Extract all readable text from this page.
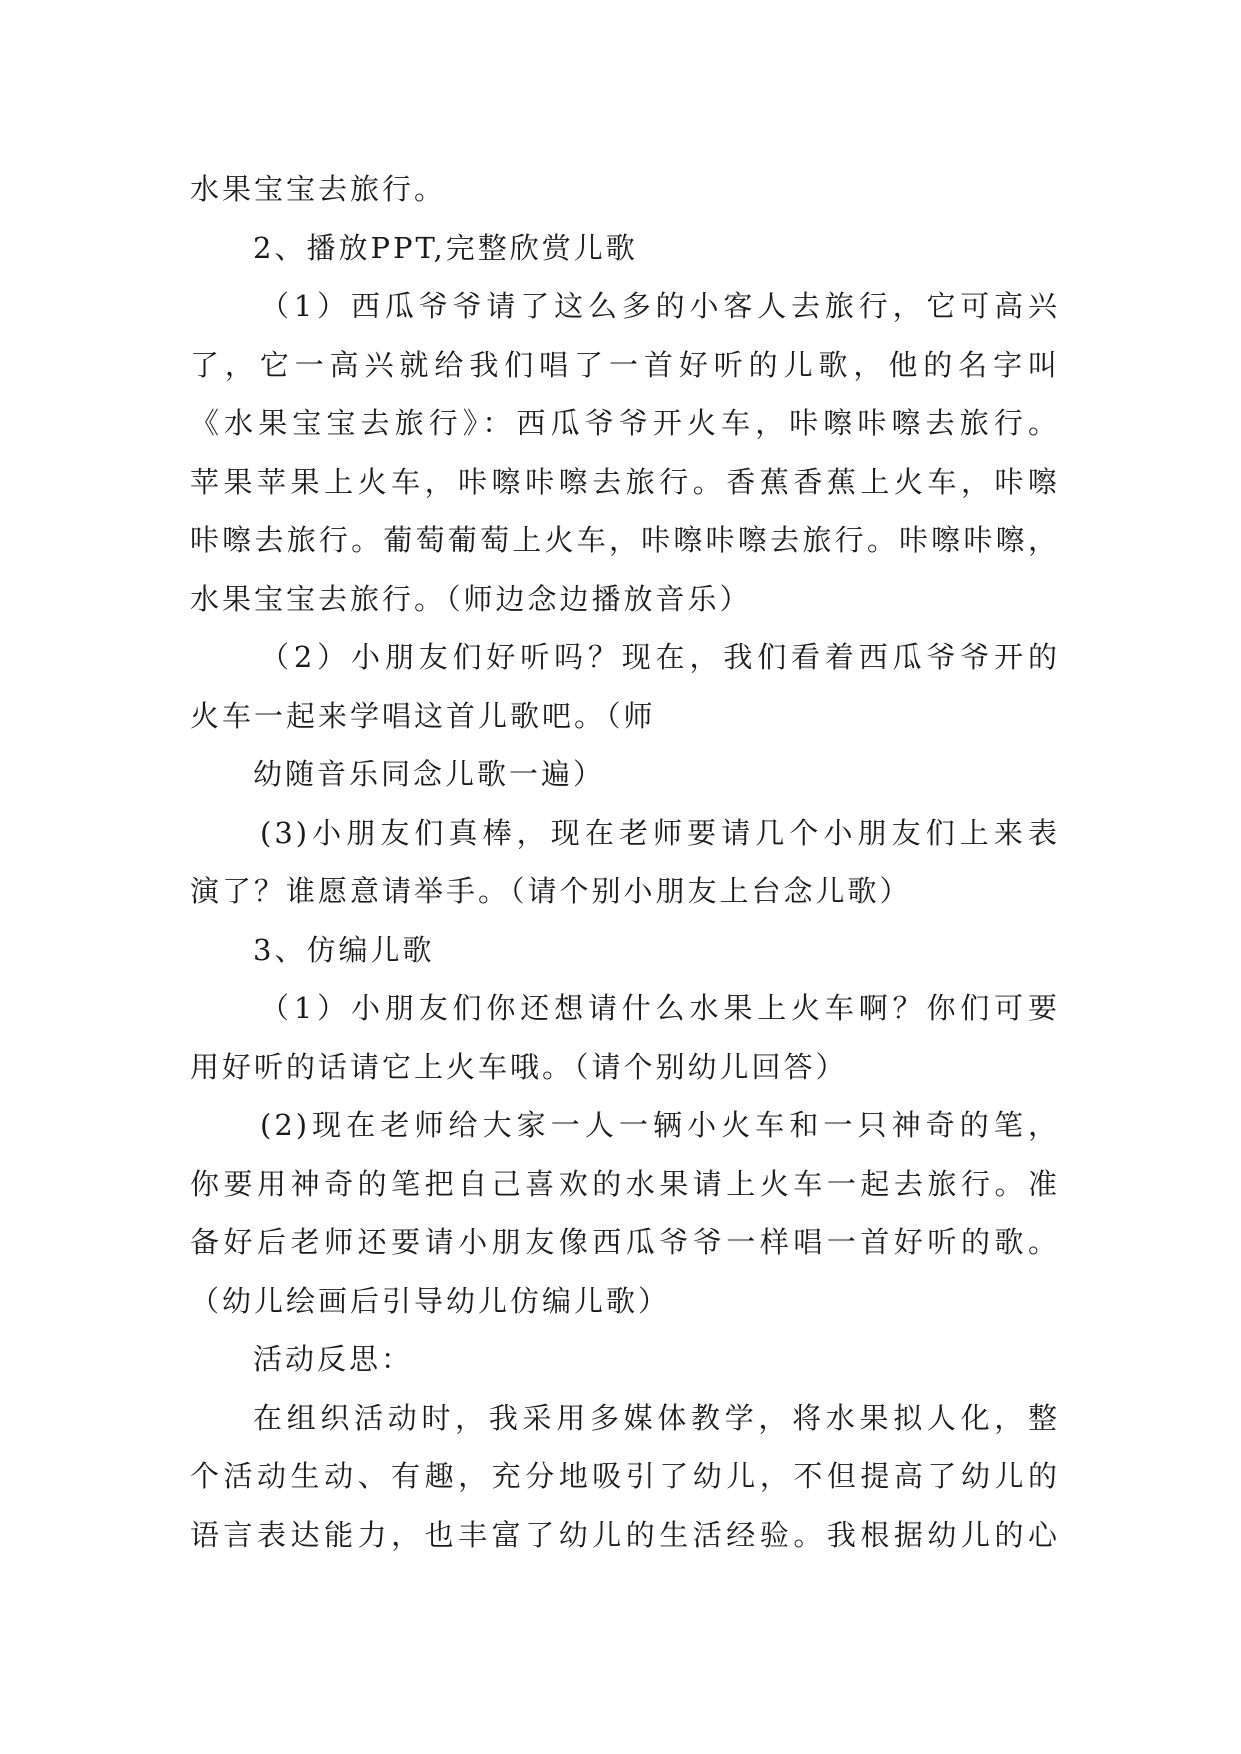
水果宝宝去旅行。
2、播放PPT,完整欣赏儿歌
（1）西瓜爷爷请了这么多的小客人去旅行，它可高兴
了，它一高兴就给我们唱了一首好听的儿歌，他的名字叫
《水果宝宝去旅行》：西瓜爷爷开火车，咔嚓咔嚓去旅行。
苹果苹果上火车，咔嚓咔嚓去旅行。香蕉香蕉上火车，咔嚓
咔嚓去旅行。葡萄葡萄上火车，咔嚓咔嚓去旅行。咔嚓咔嚓，
水果宝宝去旅行。（师边念边播放音乐）
（2）小朋友们好听吗？现在，我们看着西瓜爷爷开的
火车一起来学唱这首儿歌吧。（师
幼随音乐同念儿歌一遍）
(3)小朋友们真棒，现在老师要请几个小朋友们上来表
演了？谁愿意请举手。（请个别小朋友上台念儿歌）
3、仿编儿歌
（1）小朋友们你还想请什么水果上火车啊？你们可要
用好听的话请它上火车哦。（请个别幼儿回答）
(2)现在老师给大家一人一辆小火车和一只神奇的笔，
你要用神奇的笔把自己喜欢的水果请上火车一起去旅行。准
备好后老师还要请小朋友像西瓜爷爷一样唱一首好听的歌。
（幼儿绘画后引导幼儿仿编儿歌）
活动反思：
在组织活动时，我采用多媒体教学，将水果拟人化，整
个活动生动、有趣，充分地吸引了幼儿，不但提高了幼儿的
语言表达能力，也丰富了幼儿的生活经验。我根据幼儿的心
